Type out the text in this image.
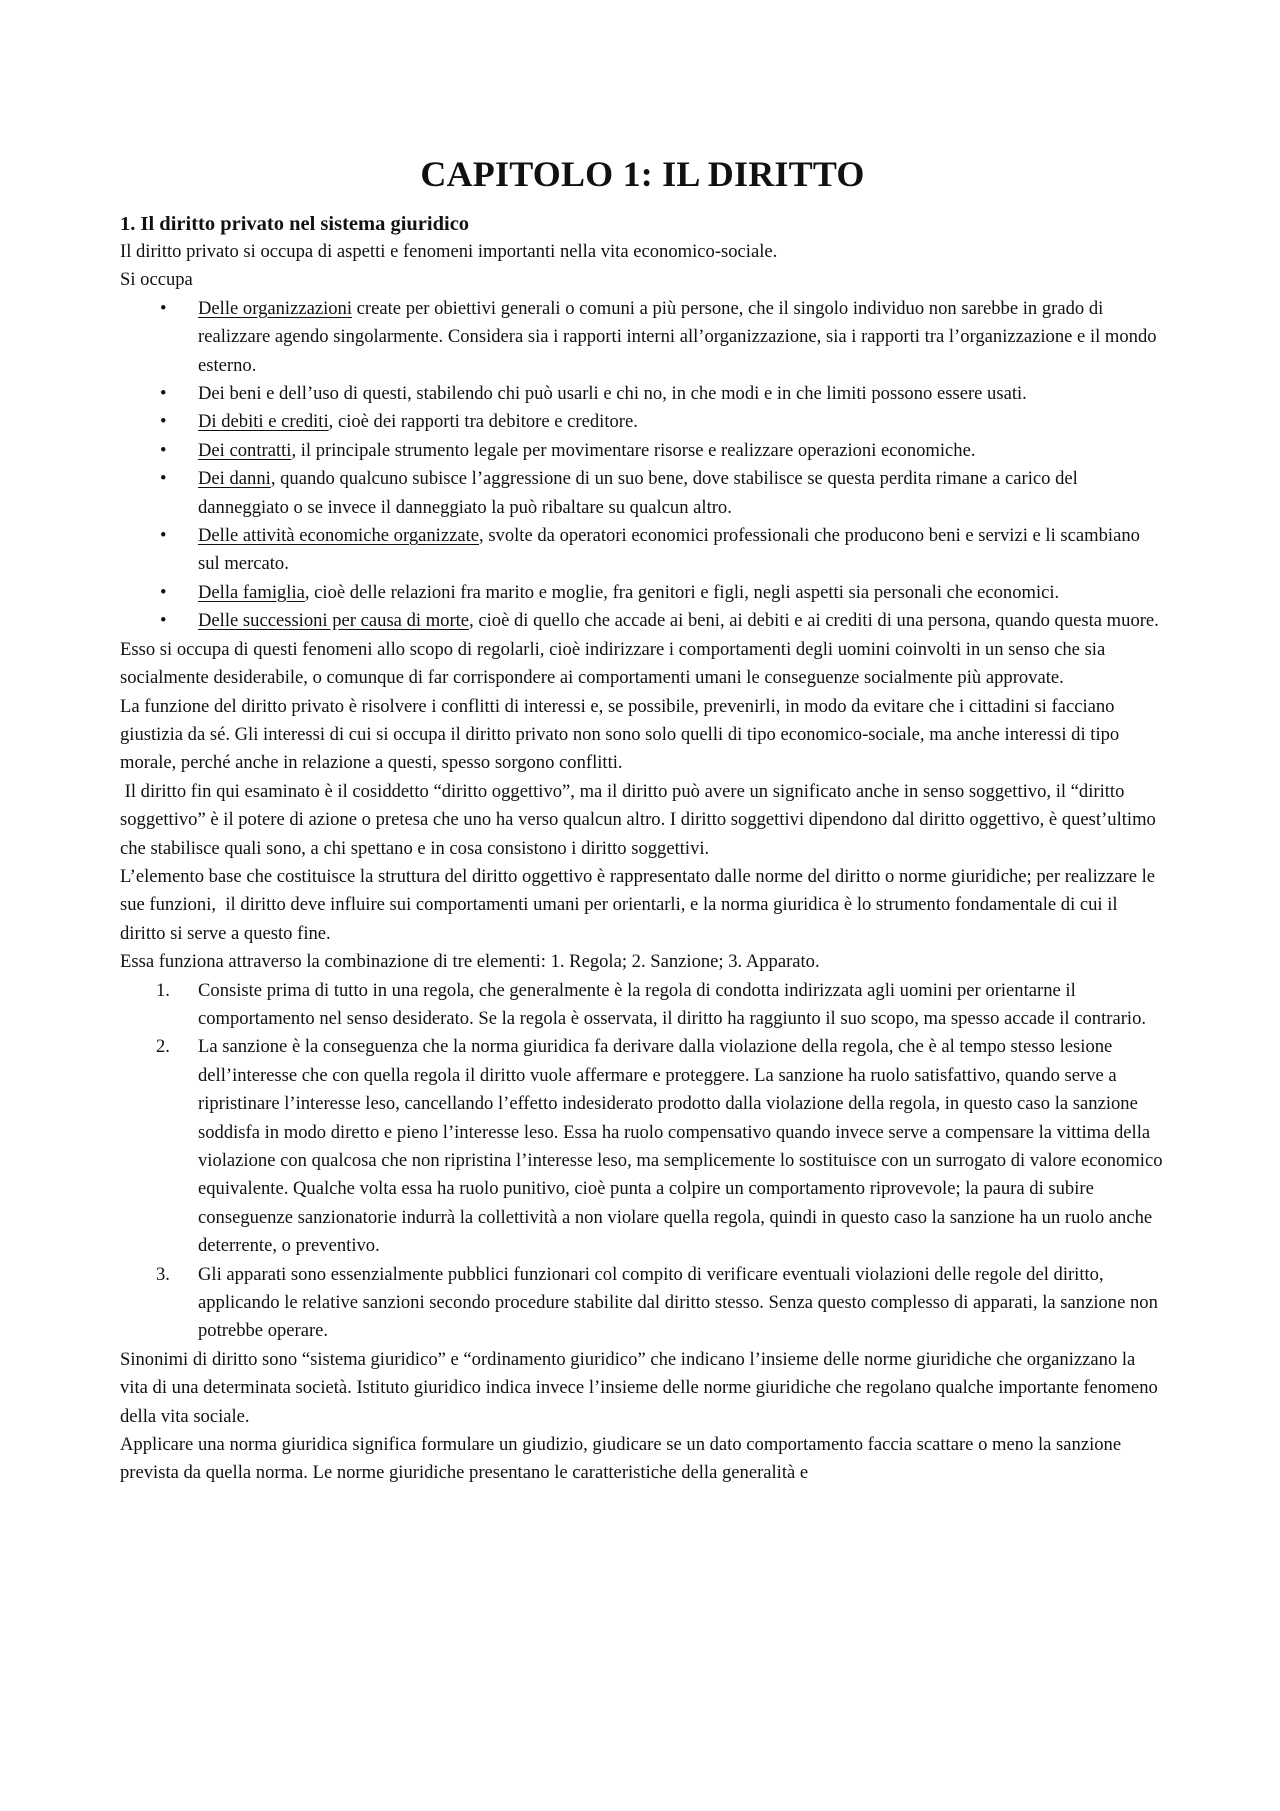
CAPITOLO 1: IL DIRITTO
1. Il diritto privato nel sistema giuridico

Il diritto privato si occupa di aspetti e fenomeni importanti nella vita economico-sociale.

Si occupa

• Delle organizzazioni create per obiettivi generali o comuni a più persone, che il singolo individuo non sarebbe in grado di realizzare agendo singolarmente. Considera sia i rapporti interni all’organizzazione, sia i rapporti tra l’organizzazione e il mondo esterno.
• Dei beni e dell’uso di questi, stabilendo chi può usarli e chi no, in che modi e in che limiti possono essere usati.
• Di debiti e crediti, cioè dei rapporti tra debitore e creditore.
• Dei contratti, il principale strumento legale per movimentare risorse e realizzare operazioni economiche.
• Dei danni, quando qualcuno subisce l’aggressione di un suo bene, dove stabilisce se questa perdita rimane a carico del danneggiato o se invece il danneggiato la può ribaltare su qualcun altro.
• Delle attività economiche organizzate, svolte da operatori economici professionali che producono beni e servizi e li scambiano sul mercato.
• Della famiglia, cioè delle relazioni fra marito e moglie, fra genitori e figli, negli aspetti sia personali che economici.
• Delle successioni per causa di morte, cioè di quello che accade ai beni, ai debiti e ai crediti di una persona, quando questa muore.

Esso si occupa di questi fenomeni allo scopo di regolarli, cioè indirizzare i comportamenti degli uomini coinvolti in un senso che sia socialmente desiderabile, o comunque di far corrispondere ai comportamenti umani le conseguenze socialmente più approvate.

La funzione del diritto privato è risolvere i conflitti di interessi e, se possibile, prevenirli, in modo da evitare che i cittadini si facciano giustizia da sé. Gli interessi di cui si occupa il diritto privato non sono solo quelli di tipo economico-sociale, ma anche interessi di tipo morale, perché anche in relazione a questi, spesso sorgono conflitti.

Il diritto fin qui esaminato è il cosiddetto “diritto oggettivo”, ma il diritto può avere un significato anche in senso soggettivo, il “diritto soggettivo” è il potere di azione o pretesa che uno ha verso qualcun altro. I diritto soggettivi dipendono dal diritto oggettivo, è quest’ultimo che stabilisce quali sono, a chi spettano e in cosa consistono i diritto soggettivi.

L’elemento base che costituisce la struttura del diritto oggettivo è rappresentato dalle norme del diritto o norme giuridiche; per realizzare le sue funzioni,  il diritto deve influire sui comportamenti umani per orientarli, e la norma giuridica è lo strumento fondamentale di cui il diritto si serve a questo fine.

Essa funziona attraverso la combinazione di tre elementi: 1. Regola; 2. Sanzione; 3. Apparato.

1. Consiste prima di tutto in una regola, che generalmente è la regola di condotta indirizzata agli uomini per orientarne il comportamento nel senso desiderato. Se la regola è osservata, il diritto ha raggiunto il suo scopo, ma spesso accade il contrario.
2. La sanzione è la conseguenza che la norma giuridica fa derivare dalla violazione della regola, che è al tempo stesso lesione dell’interesse che con quella regola il diritto vuole affermare e proteggere. La sanzione ha ruolo satisfattivo, quando serve a ripristinare l’interesse leso, cancellando l’effetto indesiderato prodotto dalla violazione della regola, in questo caso la sanzione soddisfa in modo diretto e pieno l’interesse leso. Essa ha ruolo compensativo quando invece serve a compensare la vittima della violazione con qualcosa che non ripristina l’interesse leso, ma semplicemente lo sostituisce con un surrogato di valore economico equivalente. Qualche volta essa ha ruolo punitivo, cioè punta a colpire un comportamento riprovevole; la paura di subire conseguenze sanzionatorie indurrà la collettività a non violare quella regola, quindi in questo caso la sanzione ha un ruolo anche deterrente, o preventivo.
3. Gli apparati sono essenzialmente pubblici funzionari col compito di verificare eventuali violazioni delle regole del diritto, applicando le relative sanzioni secondo procedure stabilite dal diritto stesso. Senza questo complesso di apparati, la sanzione non potrebbe operare.

Sinonimi di diritto sono “sistema giuridico” e “ordinamento giuridico” che indicano l’insieme delle norme giuridiche che organizzano la vita di una determinata società. Istituto giuridico indica invece l’insieme delle norme giuridiche che regolano qualche importante fenomeno della vita sociale.

Applicare una norma giuridica significa formulare un giudizio, giudicare se un dato comportamento faccia scattare o meno la sanzione prevista da quella norma. Le norme giuridiche presentano le caratteristiche della generalità e
